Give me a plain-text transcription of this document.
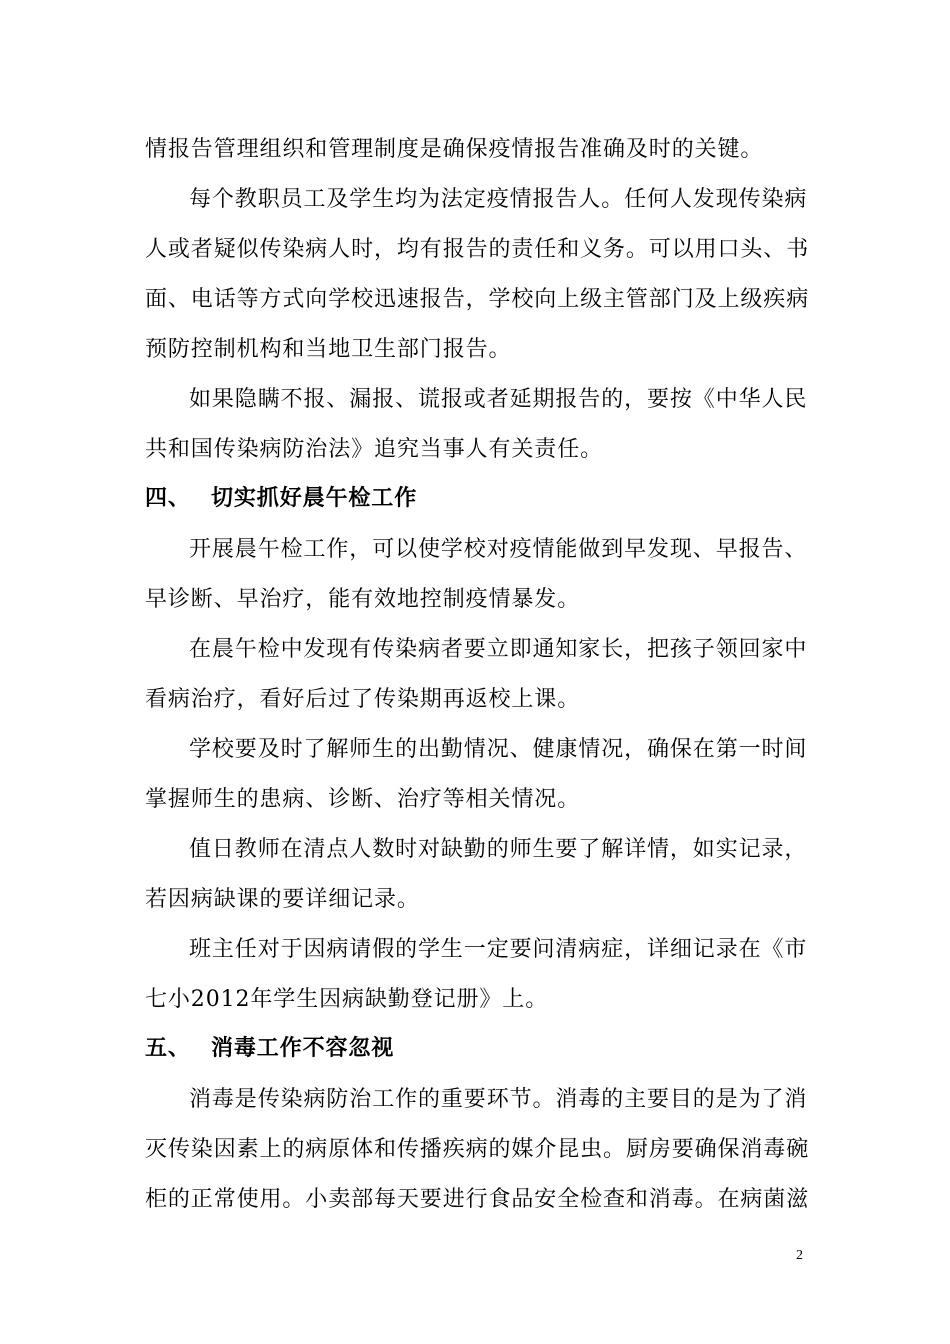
情报告管理组织和管理制度是确保疫情报告准确及时的关键。
每个教职员工及学生均为法定疫情报告人。任何人发现传染病
人或者疑似传染病人时，均有报告的责任和义务。可以用口头、书
面、电话等方式向学校迅速报告，学校向上级主管部门及上级疾病
预防控制机构和当地卫生部门报告。
如果隐瞒不报、漏报、谎报或者延期报告的，要按《中华人民
共和国传染病防治法》追究当事人有关责任。
四、 切实抓好晨午检工作
开展晨午检工作，可以使学校对疫情能做到早发现、早报告、
早诊断、早治疗，能有效地控制疫情暴发。
在晨午检中发现有传染病者要立即通知家长，把孩子领回家中
看病治疗，看好后过了传染期再返校上课。
学校要及时了解师生的出勤情况、健康情况，确保在第一时间
掌握师生的患病、诊断、治疗等相关情况。
值日教师在清点人数时对缺勤的师生要了解详情，如实记录，
若因病缺课的要详细记录。
班主任对于因病请假的学生一定要问清病症，详细记录在《市
七小2012年学生因病缺勤登记册》上。
五、 消毒工作不容忽视
消毒是传染病防治工作的重要环节。消毒的主要目的是为了消
灭传染因素上的病原体和传播疾病的媒介昆虫。厨房要确保消毒碗
柜的正常使用。小卖部每天要进行食品安全检查和消毒。在病菌滋
2
